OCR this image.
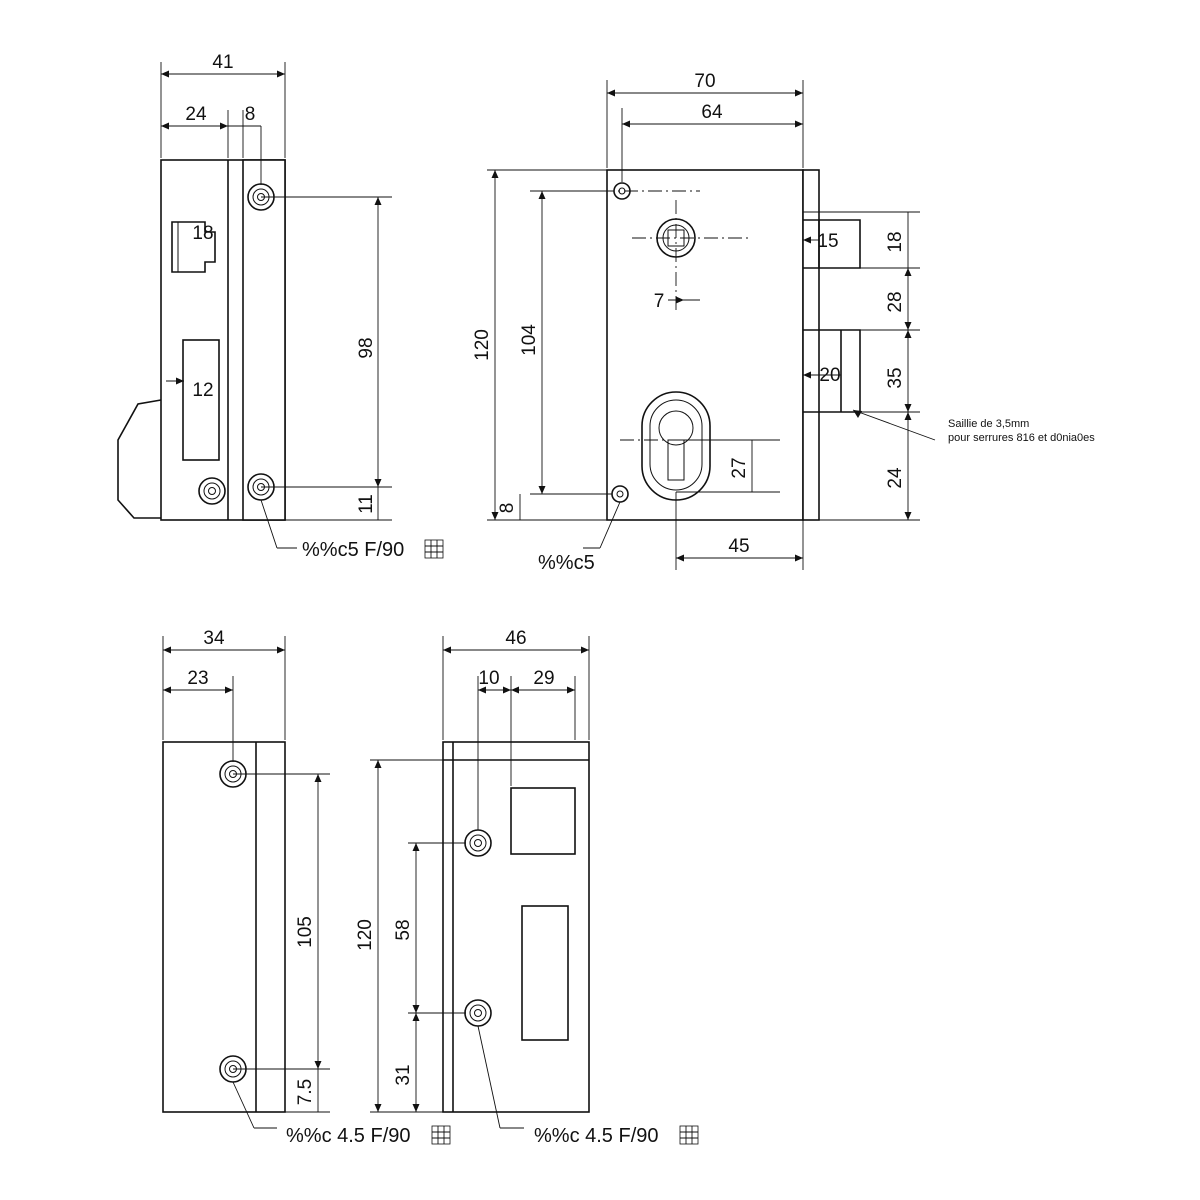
41
24 8
18
12
98
11
%%c5 F/90
70
64
120 104
8
7
27
45
15 18
28
20 35
24
Saillie de 3,5mm
pour serrures 816 et d0nia0es
%%c5
34
23
105
7.5
%%c 4.5 F/90
46
10 29
120 58
31
%%c 4.5 F/90
